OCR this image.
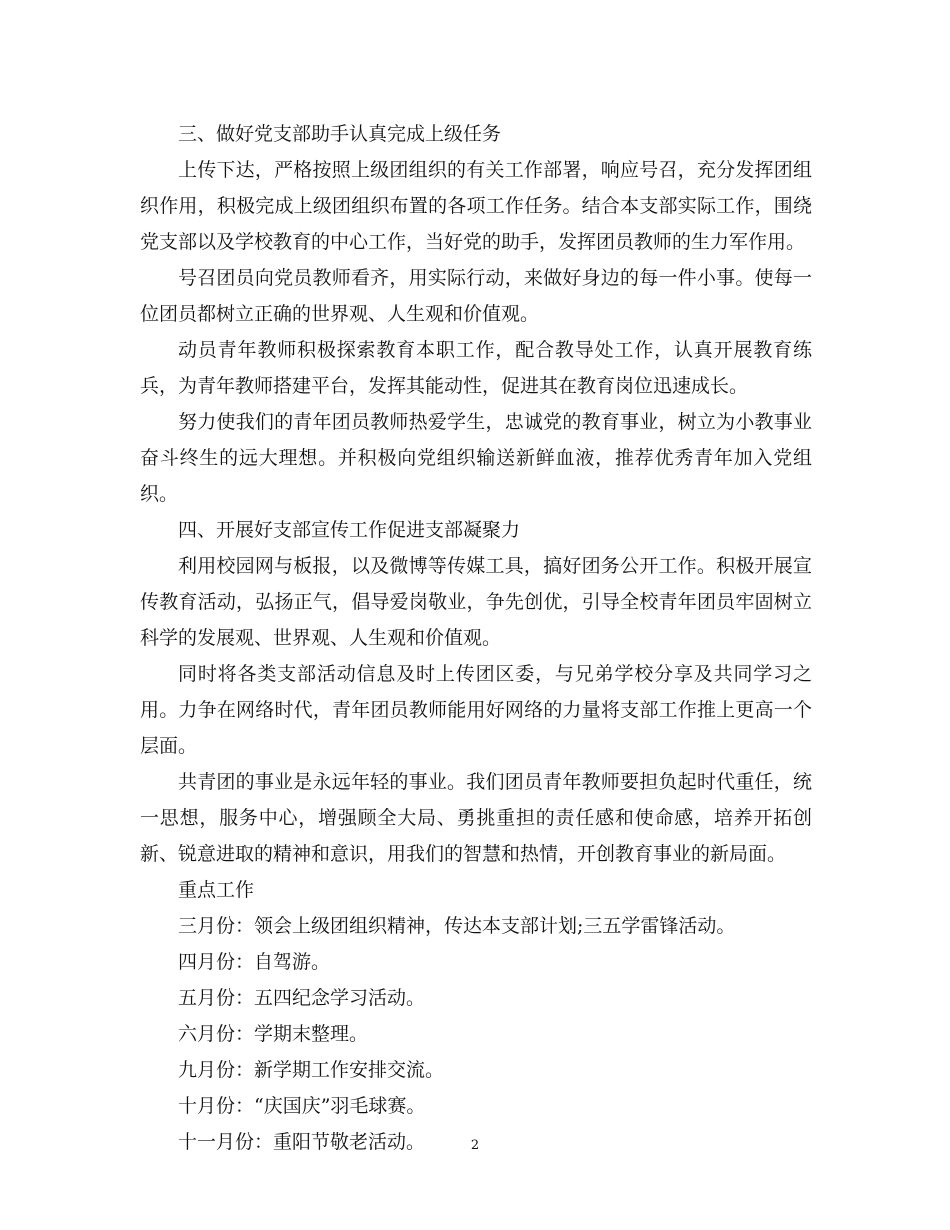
三、做好党支部助手认真完成上级任务

上传下达，严格按照上级团组织的有关工作部署，响应号召，充分发挥团组织作用，积极完成上级团组织布置的各项工作任务。结合本支部实际工作，围绕党支部以及学校教育的中心工作，当好党的助手，发挥团员教师的生力军作用。

号召团员向党员教师看齐，用实际行动，来做好身边的每一件小事。使每一位团员都树立正确的世界观、人生观和价值观。

动员青年教师积极探索教育本职工作，配合教导处工作，认真开展教育练兵，为青年教师搭建平台，发挥其能动性，促进其在教育岗位迅速成长。

努力使我们的青年团员教师热爱学生，忠诚党的教育事业，树立为小教事业奋斗终生的远大理想。并积极向党组织输送新鲜血液，推荐优秀青年加入党组织。

四、开展好支部宣传工作促进支部凝聚力

利用校园网与板报，以及微博等传媒工具，搞好团务公开工作。积极开展宣传教育活动，弘扬正气，倡导爱岗敬业，争先创优，引导全校青年团员牢固树立科学的发展观、世界观、人生观和价值观。

同时将各类支部活动信息及时上传团区委，与兄弟学校分享及共同学习之用。力争在网络时代，青年团员教师能用好网络的力量将支部工作推上更高一个层面。

共青团的事业是永远年轻的事业。我们团员青年教师要担负起时代重任，统一思想，服务中心，增强顾全大局、勇挑重担的责任感和使命感，培养开拓创新、锐意进取的精神和意识，用我们的智慧和热情，开创教育事业的新局面。

重点工作

三月份：领会上级团组织精神，传达本支部计划;三五学雷锋活动。

四月份：自驾游。

五月份：五四纪念学习活动。

六月份：学期末整理。

九月份：新学期工作安排交流。

十月份：“庆国庆”羽毛球赛。

十一月份：重阳节敬老活动。	2
